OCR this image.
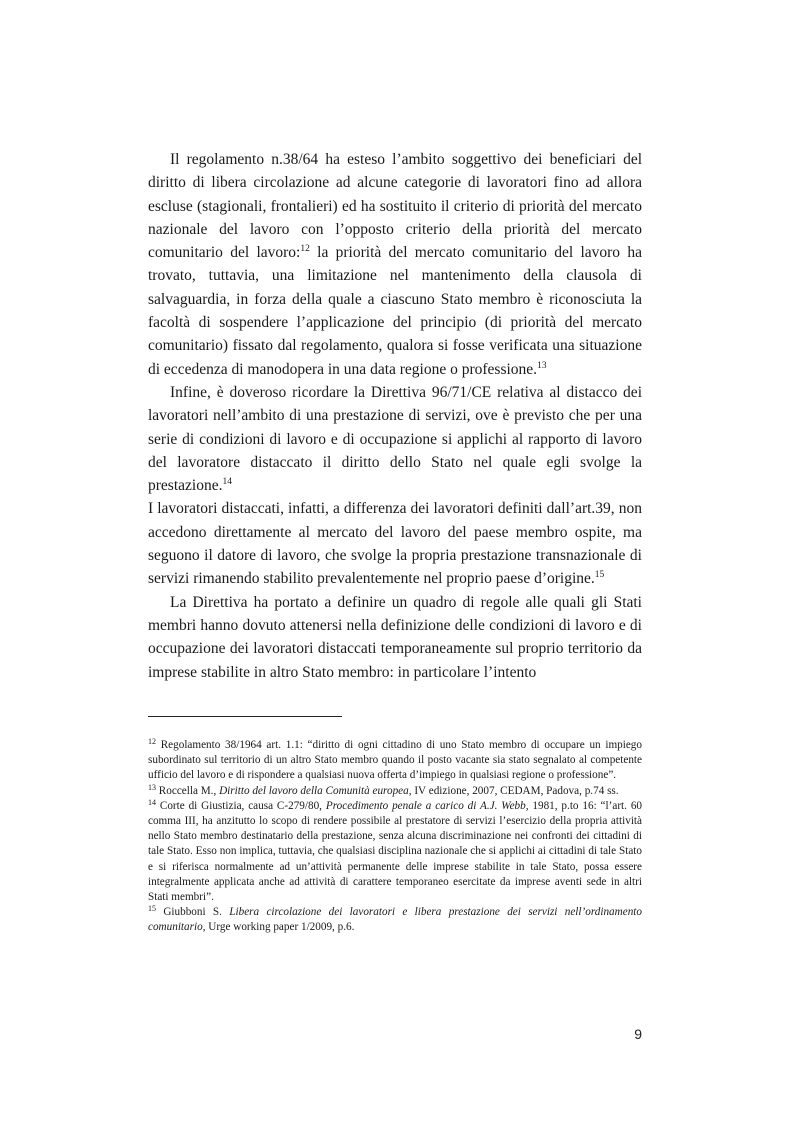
Il regolamento n.38/64 ha esteso l’ambito soggettivo dei beneficiari del diritto di libera circolazione ad alcune categorie di lavoratori fino ad allora escluse (stagionali, frontalieri) ed ha sostituito il criterio di priorità del mercato nazionale del lavoro con l’opposto criterio della priorità del mercato comunitario del lavoro:$^{12}$ la priorità del mercato comunitario del lavoro ha trovato, tuttavia, una limitazione nel mantenimento della clausola di salvaguardia, in forza della quale a ciascuno Stato membro è riconosciuta la facoltà di sospendere l’applicazione del principio (di priorità del mercato comunitario) fissato dal regolamento, qualora si fosse verificata una situazione di eccedenza di manodopera in una data regione o professione.$^{13}$

Infine, è doveroso ricordare la Direttiva 96/71/CE relativa al distacco dei lavoratori nell’ambito di una prestazione di servizi, ove è previsto che per una serie di condizioni di lavoro e di occupazione si applichi al rapporto di lavoro del lavoratore distaccato il diritto dello Stato nel quale egli svolge la prestazione.$^{14}$

I lavoratori distaccati, infatti, a differenza dei lavoratori definiti dall’art.39, non accedono direttamente al mercato del lavoro del paese membro ospite, ma seguono il datore di lavoro, che svolge la propria prestazione transnazionale di servizi rimanendo stabilito prevalentemente nel proprio paese d’origine.$^{15}$

La Direttiva ha portato a definire un quadro di regole alle quali gli Stati membri hanno dovuto attenersi nella definizione delle condizioni di lavoro e di occupazione dei lavoratori distaccati temporaneamente sul proprio territorio da imprese stabilite in altro Stato membro: in particolare l’intento

$^{12}$ Regolamento 38/1964 art. 1.1: “diritto di ogni cittadino di uno Stato membro di occupare un impiego subordinato sul territorio di un altro Stato membro quando il posto vacante sia stato segnalato al competente ufficio del lavoro e di rispondere a qualsiasi nuova offerta d’impiego in qualsiasi regione o professione”.

$^{13}$ Roccella M., Diritto del lavoro della Comunità europea, IV edizione, 2007, CEDAM, Padova, p.74 ss.

$^{14}$ Corte di Giustizia, causa C-279/80, Procedimento penale a carico di A.J. Webb, 1981, p.to 16: “l’art. 60 comma III, ha anzitutto lo scopo di rendere possibile al prestatore di servizi l’esercizio della propria attività nello Stato membro destinatario della prestazione, senza alcuna discriminazione nei confronti dei cittadini di tale Stato. Esso non implica, tuttavia, che qualsiasi disciplina nazionale che si applichi ai cittadini di tale Stato e si riferisca normalmente ad un’attività permanente delle imprese stabilite in tale Stato, possa essere integralmente applicata anche ad attività di carattere temporaneo esercitate da imprese aventi sede in altri Stati membri”.

$^{15}$ Giubboni S. Libera circolazione dei lavoratori e libera prestazione dei servizi nell’ordinamento comunitario, Urge working paper 1/2009, p.6.

9
